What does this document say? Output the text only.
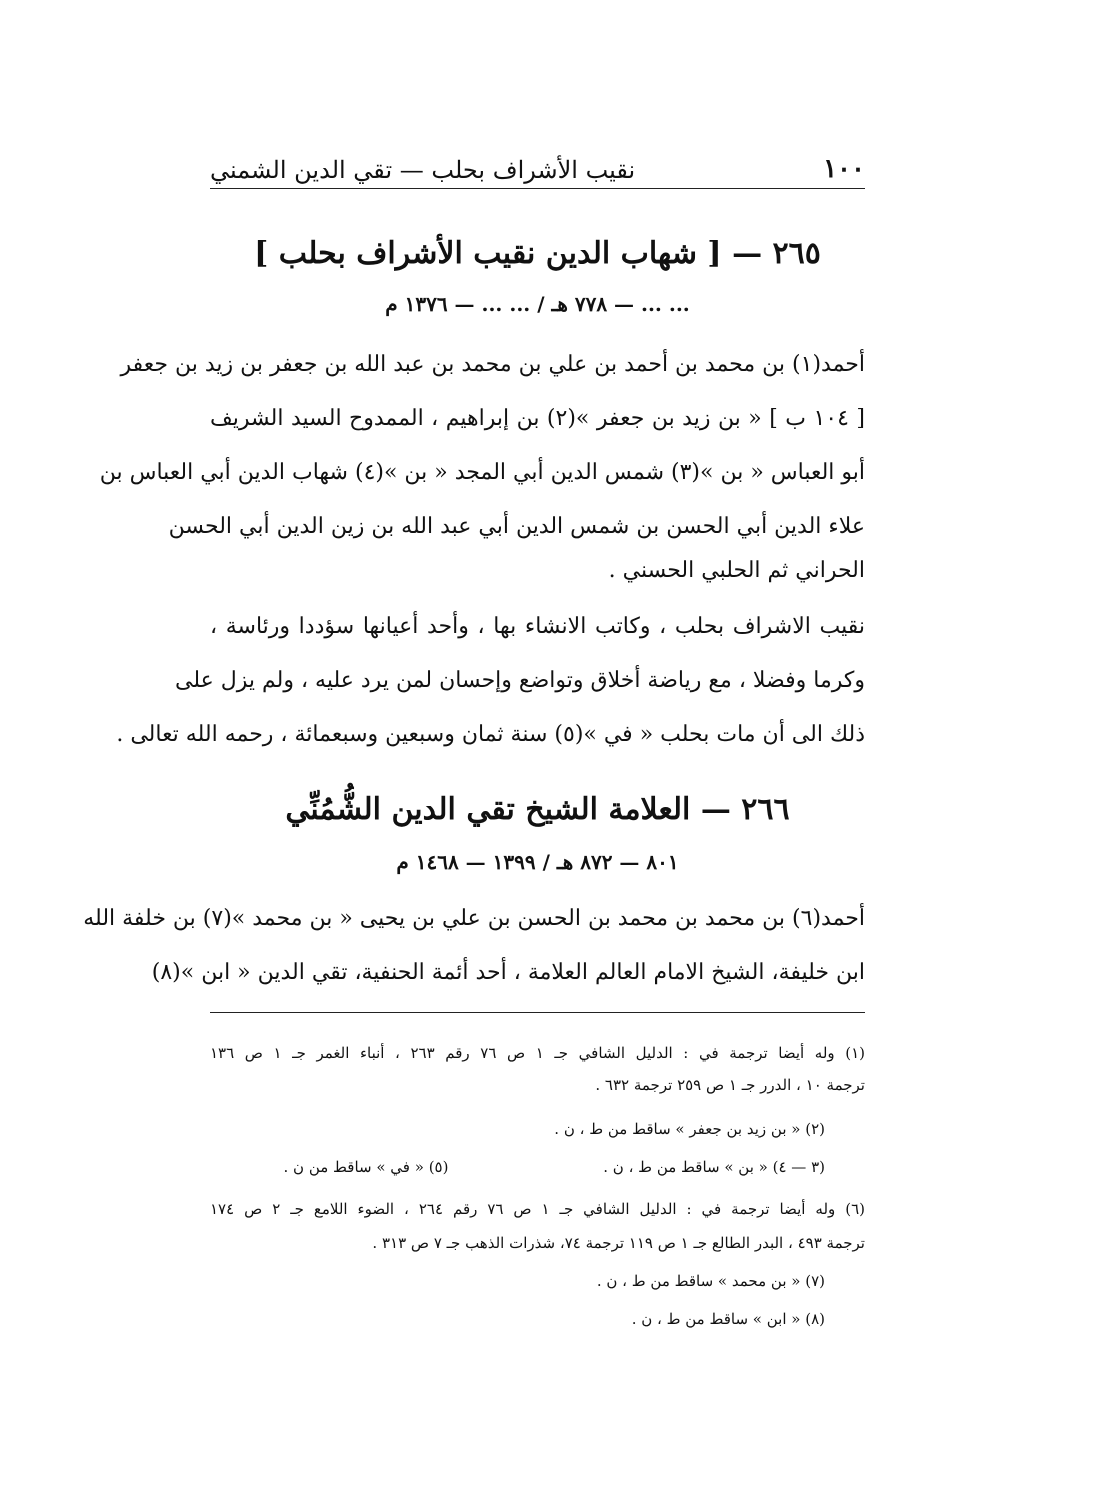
١٠٠
نقيب الأشراف بحلب — تقي الدين الشمني
٢٦٥ — [ شهاب الدين نقيب الأشراف بحلب ]
... ... — ٧٧٨ هـ / ... ... — ١٣٧٦ م
أحمد(١) بن محمد بن أحمد بن علي بن محمد بن عبد الله بن جعفر بن زيد بن جعفر
[ ١٠٤ ب ] « بن زيد بن جعفر »(٢) بن إبراهيم ، الممدوح السيد الشريف
أبو العباس « بن »(٣) شمس الدين أبي المجد « بن »(٤) شهاب الدين أبي العباس بن
علاء الدين أبي الحسن بن شمس الدين أبي عبد الله بن زين الدين أبي الحسن
الحراني ثم الحلبي الحسني .
نقيب الاشراف بحلب ، وكاتب الانشاء بها ، وأحد أعيانها سؤددا ورئاسة ،
وكرما وفضلا ، مع رياضة أخلاق وتواضع وإحسان لمن يرد عليه ، ولم يزل على
ذلك الى أن مات بحلب « في »(٥) سنة ثمان وسبعين وسبعمائة ، رحمه الله تعالى .
٢٦٦ — العلامة الشيخ تقي الدين الشُّمُنِّي
٨٠١ — ٨٧٢ هـ / ١٣٩٩ — ١٤٦٨ م
أحمد(٦) بن محمد بن محمد بن الحسن بن علي بن يحيى « بن محمد »(٧) بن خلفة الله
ابن خليفة، الشيخ الامام العالم العلامة ، أحد أئمة الحنفية، تقي الدين « ابن »(٨)
(١) وله أيضا ترجمة في : الدليل الشافي جـ ١ ص ٧٦ رقم ٢٦٣ ، أنباء الغمر جـ ١ ص ١٣٦
ترجمة ١٠ ، الدرر جـ ١ ص ٢٥٩ ترجمة ٦٣٢ .
(٢) « بن زيد بن جعفر » ساقط من ط ، ن .
(٣ — ٤) « بن » ساقط من ط ، ن . (٥) « في » ساقط من ن .
(٦) وله أيضا ترجمة في : الدليل الشافي جـ ١ ص ٧٦ رقم ٢٦٤ ، الضوء اللامع جـ ٢ ص ١٧٤
ترجمة ٤٩٣ ، البدر الطالع جـ ١ ص ١١٩ ترجمة ٧٤، شذرات الذهب جـ ٧ ص ٣١٣ .
(٧) « بن محمد » ساقط من ط ، ن .
(٨) « ابن » ساقط من ط ، ن .
